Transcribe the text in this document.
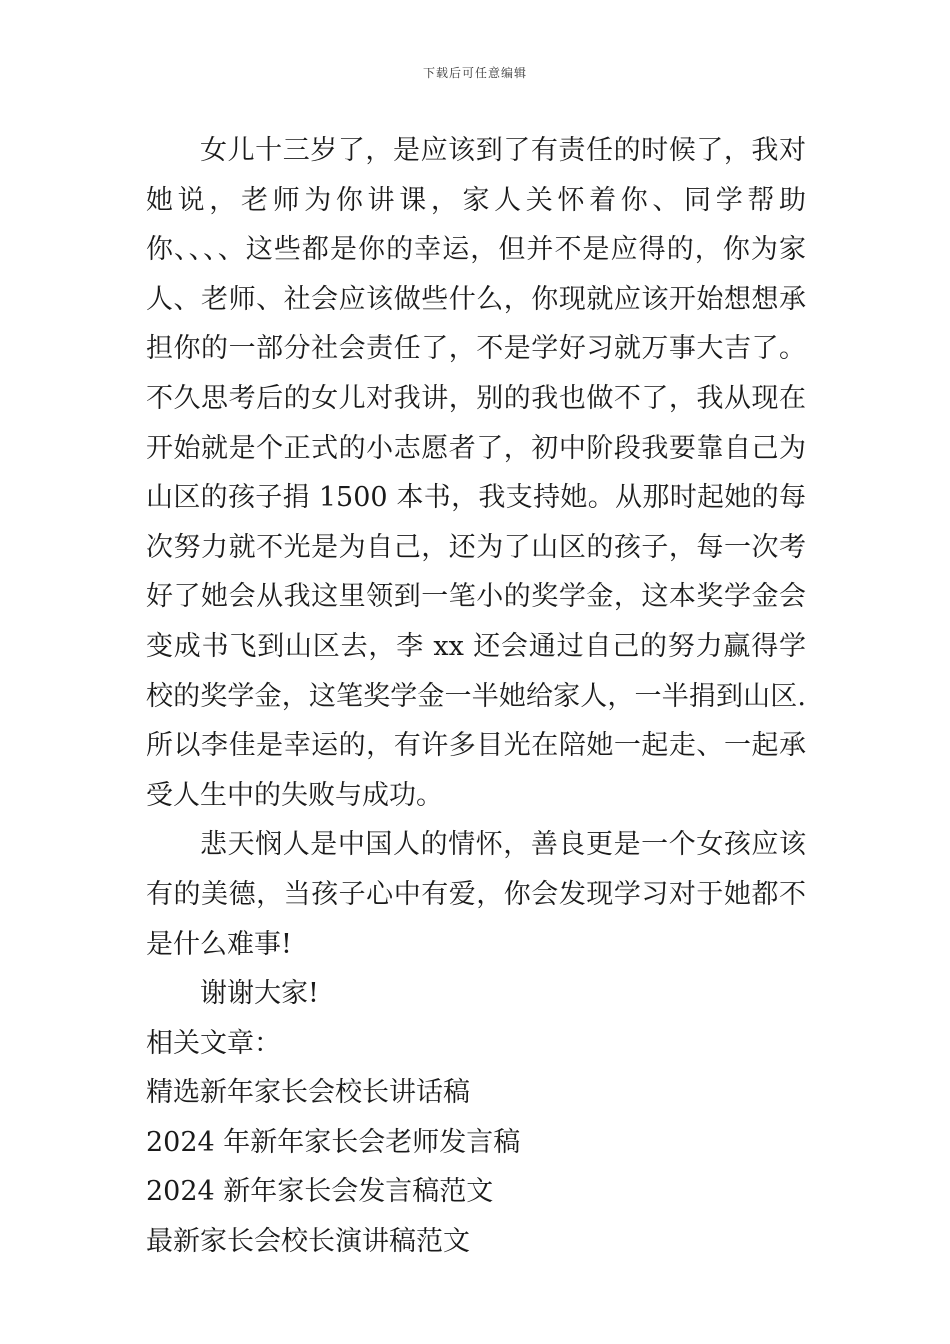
下载后可任意编辑

女儿十三岁了，是应该到了有责任的时候了，我对她说，老师为你讲课，家人关怀着你、同学帮助你、、、、这些都是你的幸运，但并不是应得的，你为家人、老师、社会应该做些什么，你现就应该开始想想承担你的一部分社会责任了，不是学好习就万事大吉了。不久思考后的女儿对我讲，别的我也做不了，我从现在开始就是个正式的小志愿者了，初中阶段我要靠自己为山区的孩子捐 1500 本书，我支持她。从那时起她的每次努力就不光是为自己，还为了山区的孩子，每一次考好了她会从我这里领到一笔小的奖学金，这本奖学金会变成书飞到山区去，李 xx 还会通过自己的努力赢得学校的奖学金，这笔奖学金一半她给家人，一半捐到山区.所以李佳是幸运的，有许多目光在陪她一起走、一起承受人生中的失败与成功。

悲天悯人是中国人的情怀，善良更是一个女孩应该有的美德，当孩子心中有爱，你会发现学习对于她都不是什么难事!

谢谢大家!

相关文章：

精选新年家长会校长讲话稿

2024 年新年家长会老师发言稿

2024 新年家长会发言稿范文

最新家长会校长演讲稿范文
